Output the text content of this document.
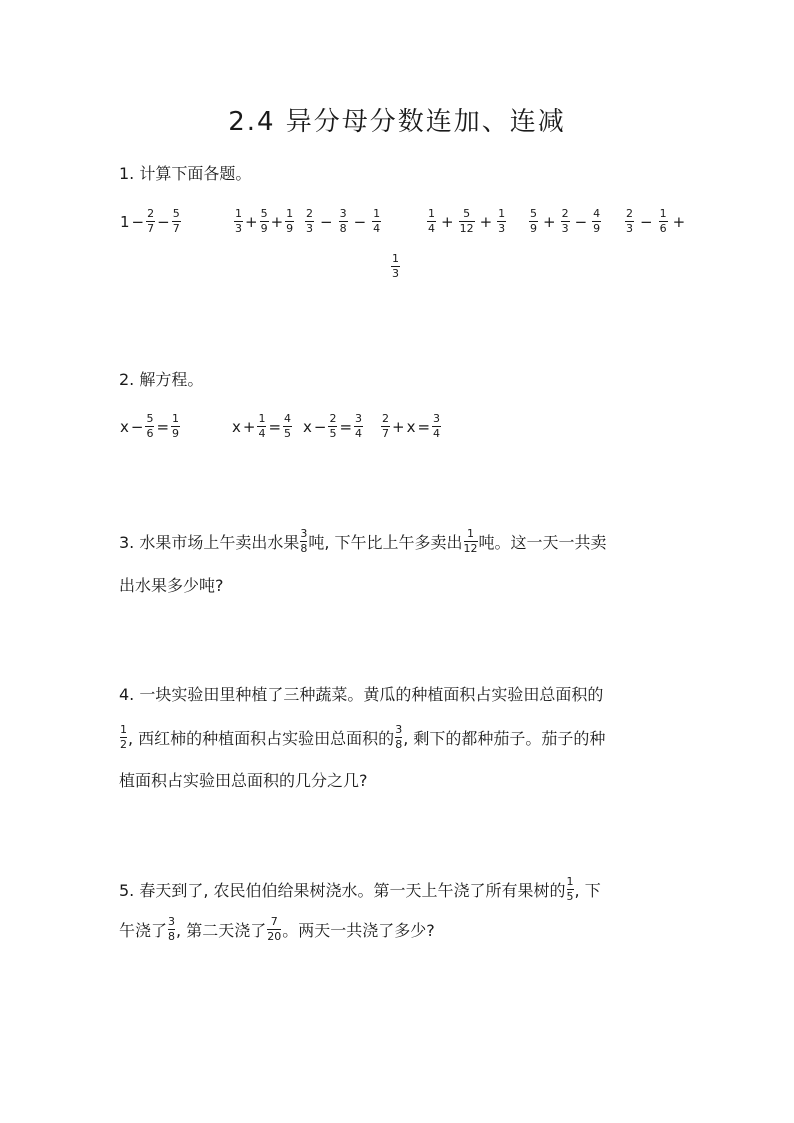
2.4 异分母分数连加、连减
1. 计算下面各题。
$1 - \frac{2}{7} - \frac{5}{7}$	$\frac{1}{3} + \frac{5}{9} + \frac{1}{9} \frac{2}{3} - \frac{3}{8} - \frac{1}{4}$	$\frac{1}{4} + \frac{5}{12} + \frac{1}{3} \frac{5}{9} + \frac{2}{3} - \frac{4}{9} \frac{2}{3} - \frac{1}{6}$ +
$\frac{1}{3}$
2. 解方程。
$x - \frac{5}{6} = \frac{1}{9}$	$x + \frac{1}{4} = \frac{4}{5}$ $x - \frac{2}{5} = \frac{3}{4} \frac{2}{7} + x = \frac{3}{4}$
3. 水果市场上午卖出水果 $\frac{3}{8}$ 吨, 下午比上午多卖出 $\frac{1}{12}$ 吨。这一天一共卖
出水果多少吨?
4. 一块实验田里种植了三种蔬菜。黄瓜的种植面积占实验田总面积的
$\frac{1}{2}$ , 西红柿的种植面积占实验田总面积的 $\frac{3}{8}$ , 剩下的都种茄子。茄子的种
植面积占实验田总面积的几分之几?
5. 春天到了, 农民伯伯给果树浇水。第一天上午浇了所有果树的 $\frac{1}{5}$ , 下
午浇了 $\frac{3}{8}$ , 第二天浇了 $\frac{7}{20}$ 。两天一共浇了多少?
